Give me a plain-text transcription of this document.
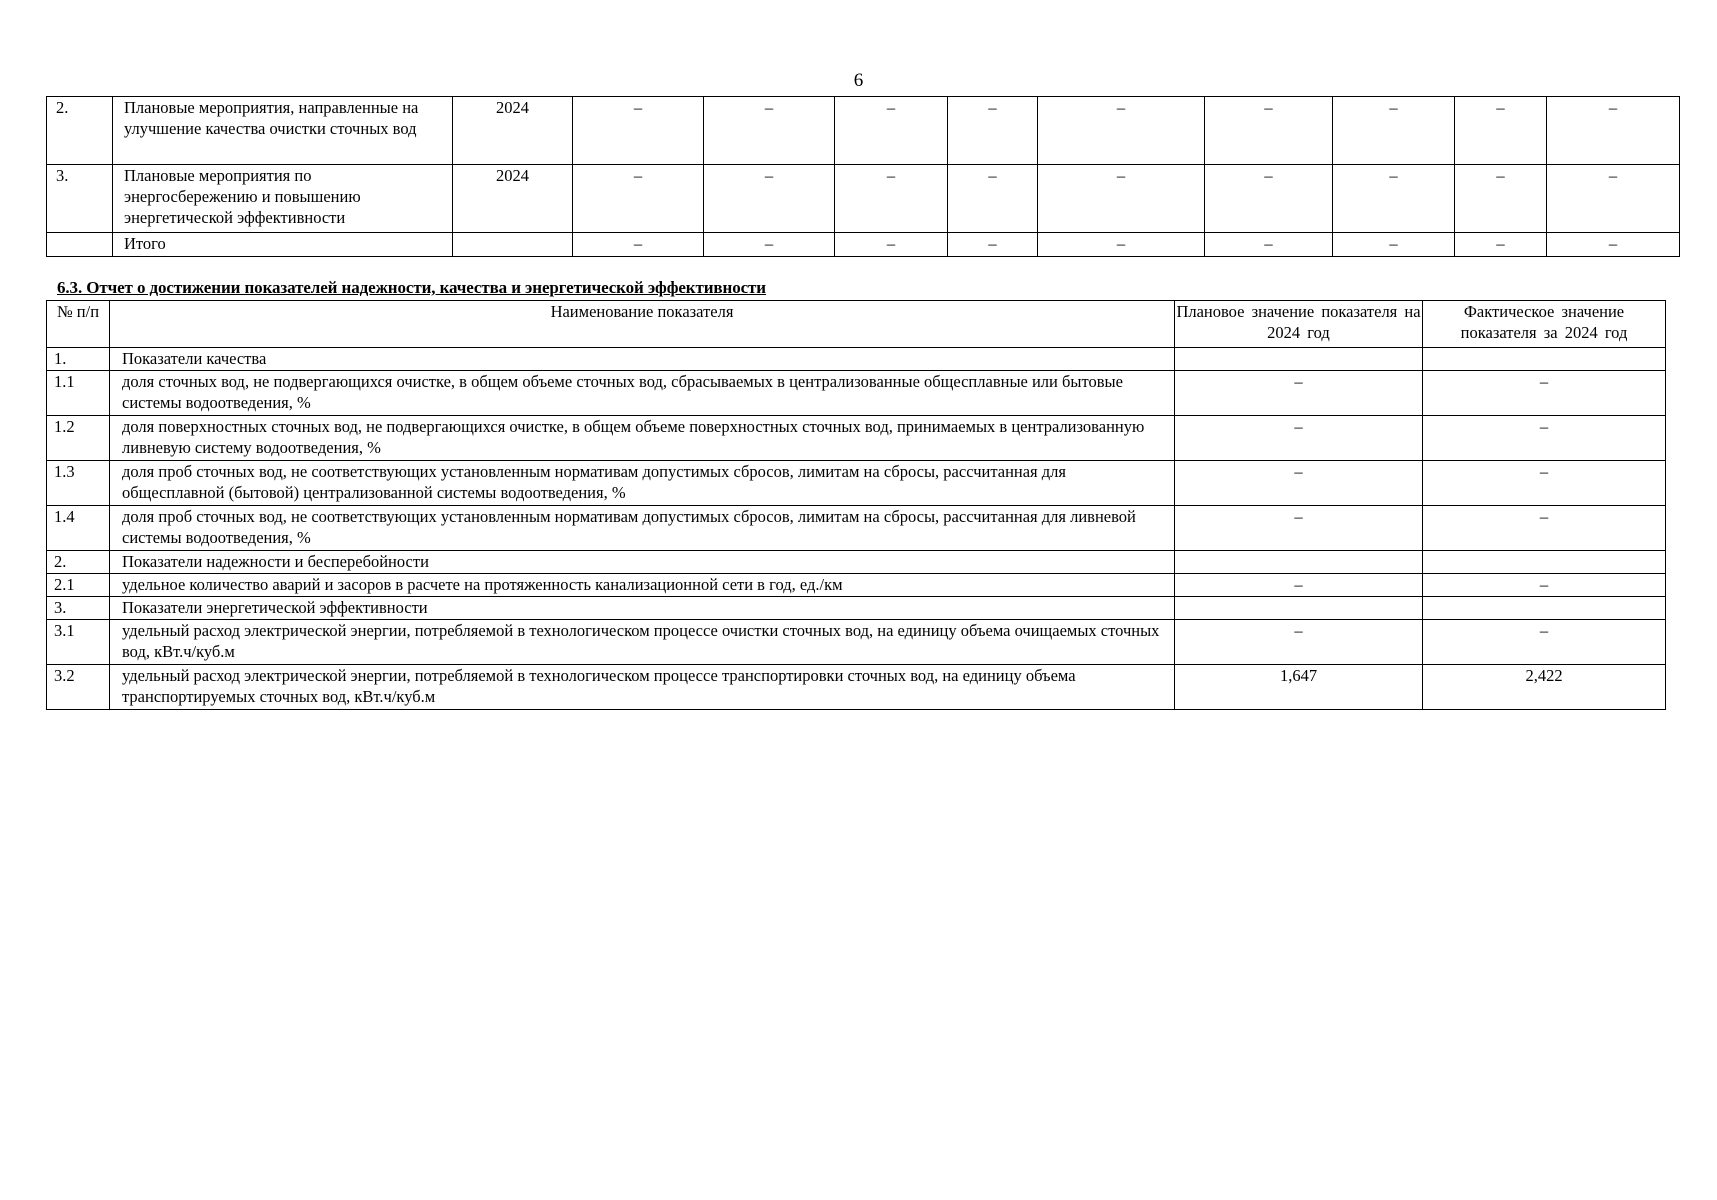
6
2.	Плановые мероприятия, направленные на улучшение качества очистки сточных вод	2024	–	–	–	–	–	–	–	–	–
3.	Плановые мероприятия по энергосбережению и повышению энергетической эффективности	2024	–	–	–	–	–	–	–	–	–
	Итого		–	–	–	–	–	–	–	–	–
6.3. Отчет о достижении показателей надежности, качества и энергетической эффективности
№ п/п	Наименование показателя	Плановое значение показателя на 2024 год	Фактическое значение показателя за 2024 год
1.	Показатели качества		
1.1	доля сточных вод, не подвергающихся очистке, в общем объеме сточных вод, сбрасываемых в централизованные общесплавные или бытовые системы водоотведения, %	–	–
1.2	доля поверхностных сточных вод, не подвергающихся очистке, в общем объеме поверхностных сточных вод, принимаемых в централизованную ливневую систему водоотведения, %	–	–
1.3	доля проб сточных вод, не соответствующих установленным нормативам допустимых сбросов, лимитам на сбросы, рассчитанная для общесплавной (бытовой) централизованной системы водоотведения, %	–	–
1.4	доля проб сточных вод, не соответствующих установленным нормативам допустимых сбросов, лимитам на сбросы, рассчитанная для ливневой системы водоотведения, %	–	–
2.	Показатели надежности и бесперебойности		
2.1	удельное количество аварий и засоров в расчете на протяженность канализационной сети в год, ед./км	–	–
3.	Показатели энергетической эффективности		
3.1	удельный расход электрической энергии, потребляемой в технологическом процессе очистки сточных вод, на единицу объема очищаемых сточных вод, кВт.ч/куб.м	–	–
3.2	удельный расход электрической энергии, потребляемой в технологическом процессе транспортировки сточных вод, на единицу объема транспортируемых сточных вод, кВт.ч/куб.м	1,647	2,422
